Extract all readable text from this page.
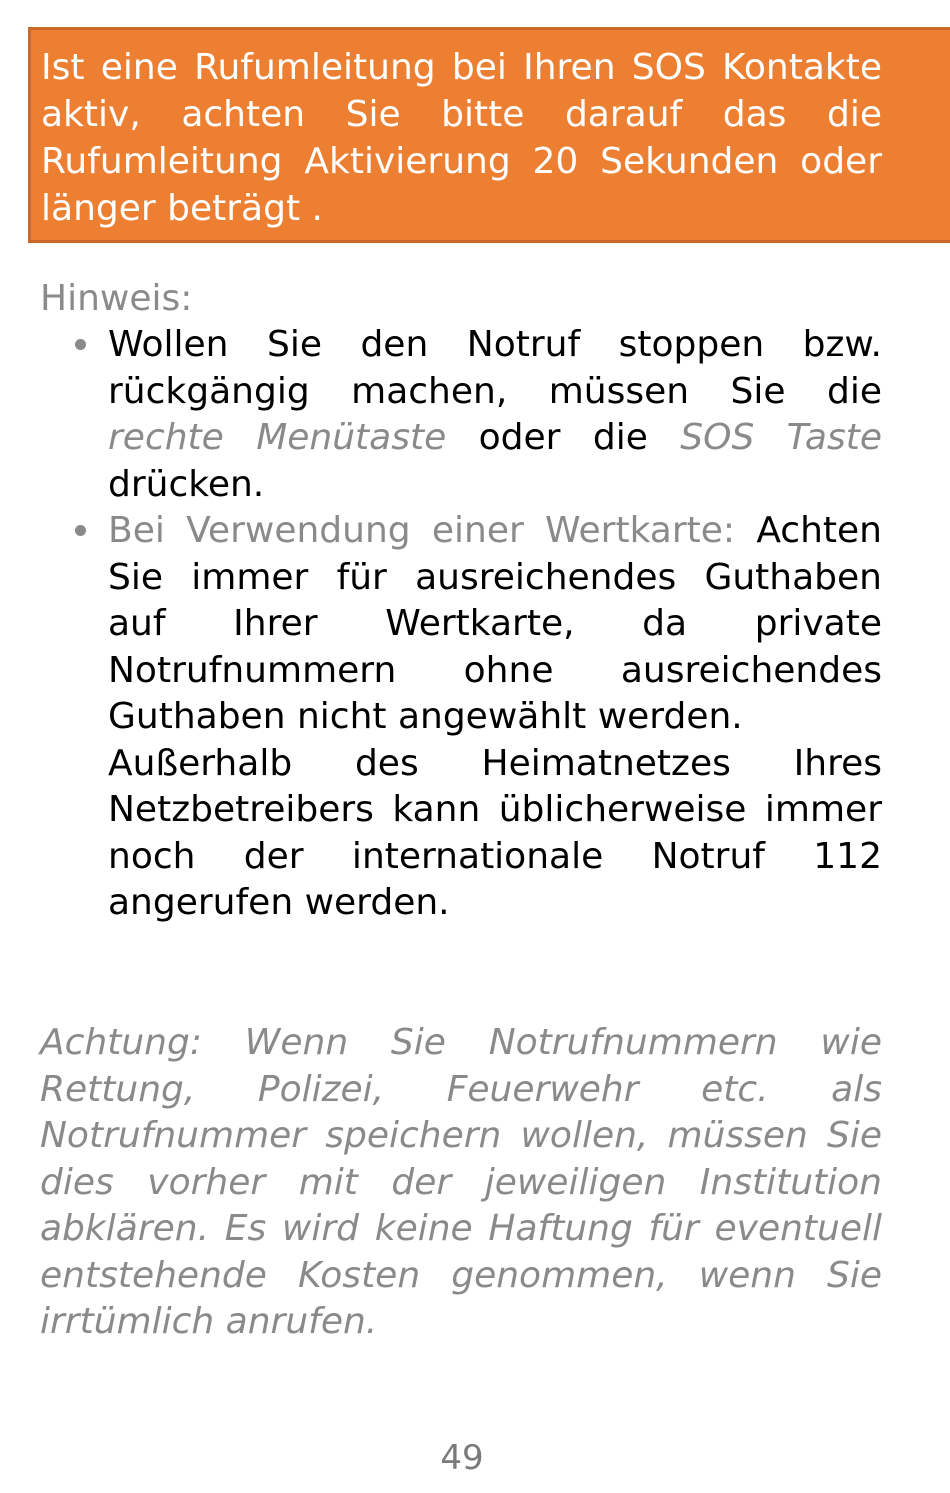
Ist eine Rufumleitung bei Ihren SOS Kontakte aktiv, achten Sie bitte darauf das die Rufumleitung Aktivierung 20 Sekunden oder länger beträgt .

Hinweis:

Wollen Sie den Notruf stoppen bzw. rückgängig machen, müssen Sie die rechte Menütaste oder die SOS Taste drücken.
Bei Verwendung einer Wertkarte: Achten Sie immer für ausreichendes Guthaben auf Ihrer Wertkarte, da private Notrufnummern ohne ausreichendes Guthaben nicht angewählt werden.
Außerhalb des Heimatnetzes Ihres Netzbetreibers kann üblicherweise immer noch der internationale Notruf 112 angerufen werden.

Achtung: Wenn Sie Notrufnummern wie Rettung, Polizei, Feuerwehr etc. als Notrufnummer speichern wollen, müssen Sie dies vorher mit der jeweiligen Institution abklären. Es wird keine Haftung für eventuell entstehende Kosten genommen, wenn Sie irrtümlich anrufen.

49
